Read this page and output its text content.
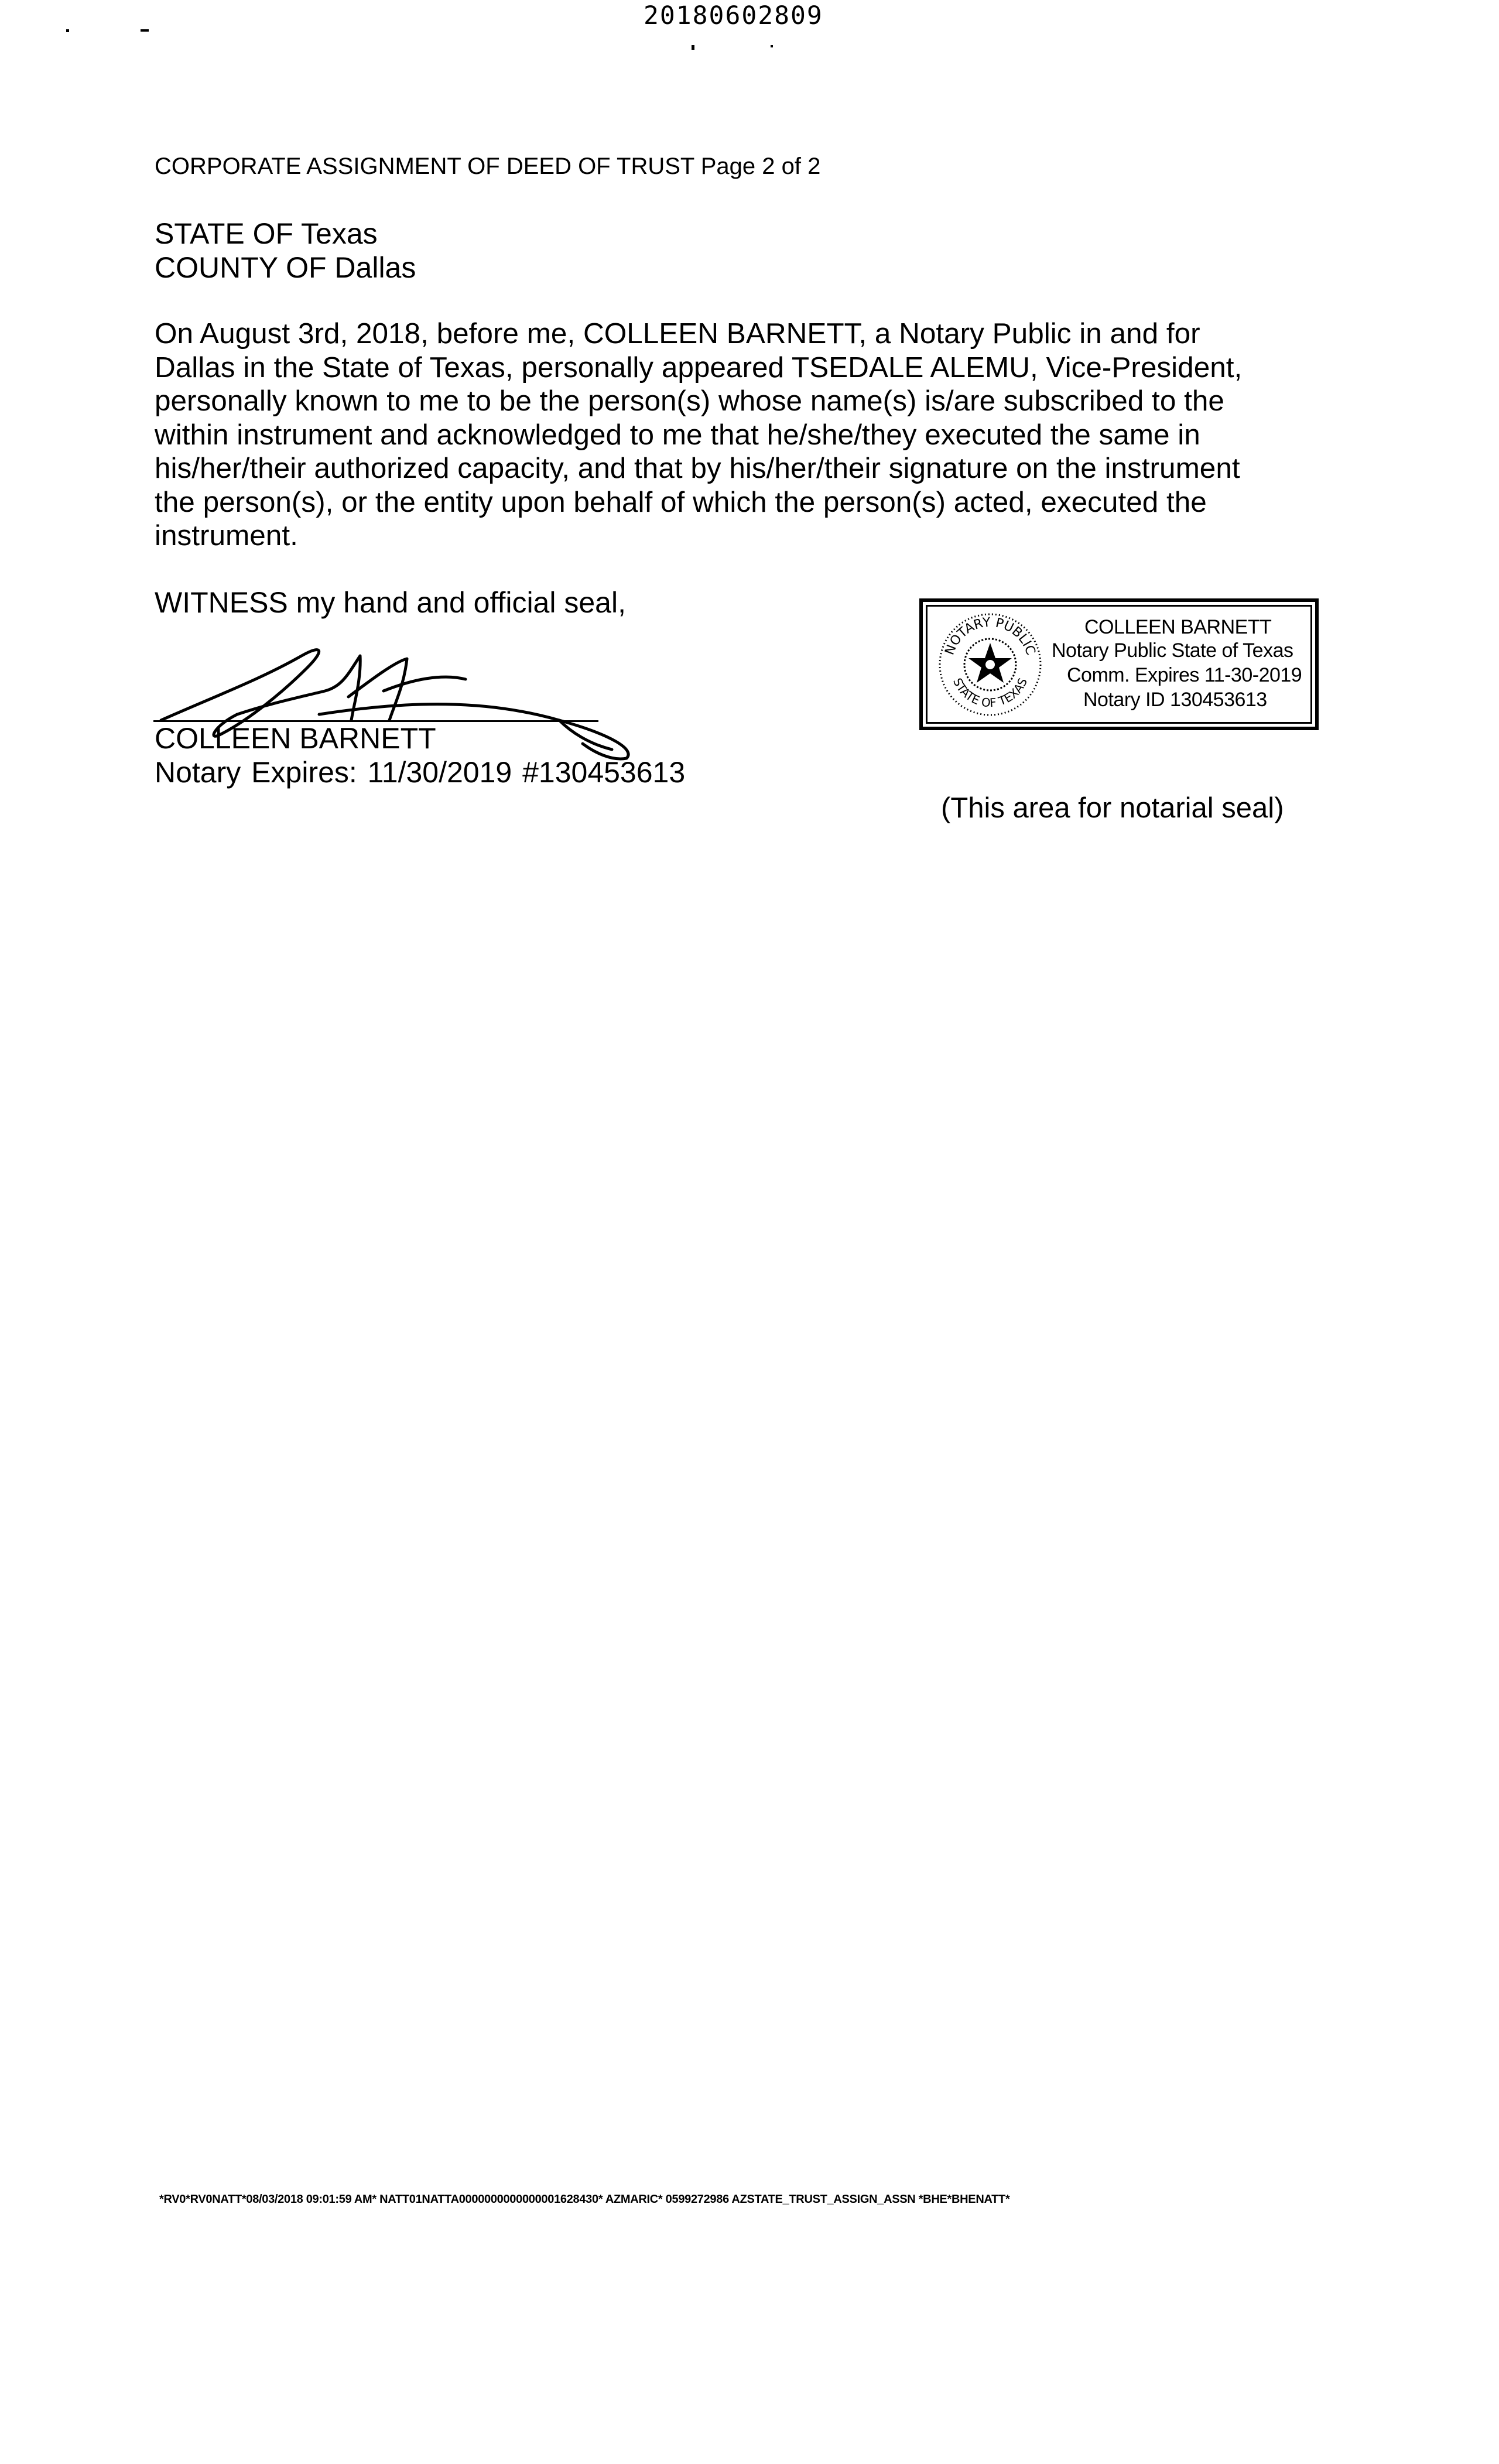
20180602809
CORPORATE ASSIGNMENT OF DEED OF TRUST Page 2 of 2
STATE OF Texas
COUNTY OF Dallas
On August 3rd, 2018, before me, COLLEEN BARNETT, a Notary Public in and for
Dallas in the State of Texas, personally appeared TSEDALE ALEMU, Vice-President,
personally known to me to be the person(s) whose name(s) is/are subscribed to the
within instrument and acknowledged to me that he/she/they executed the same in
his/her/their authorized capacity, and that by his/her/their signature on the instrument
the person(s), or the entity upon behalf of which the person(s) acted, executed the
instrument.
WITNESS my hand and official seal,
COLLEEN BARNETT
Notary Expires: 11/30/2019 #130453613
NOTARY PUBLIC
STATE OF TEXAS
COLLEEN BARNETT
Notary Public State of Texas
Comm. Expires 11-30-2019
Notary ID 130453613
(This area for notarial seal)
*RV0*RV0NATT*08/03/2018 09:01:59 AM* NATT01NATTA0000000000000001628430* AZMARIC* 0599272986 AZSTATE_TRUST_ASSIGN_ASSN *BHE*BHENATT*
